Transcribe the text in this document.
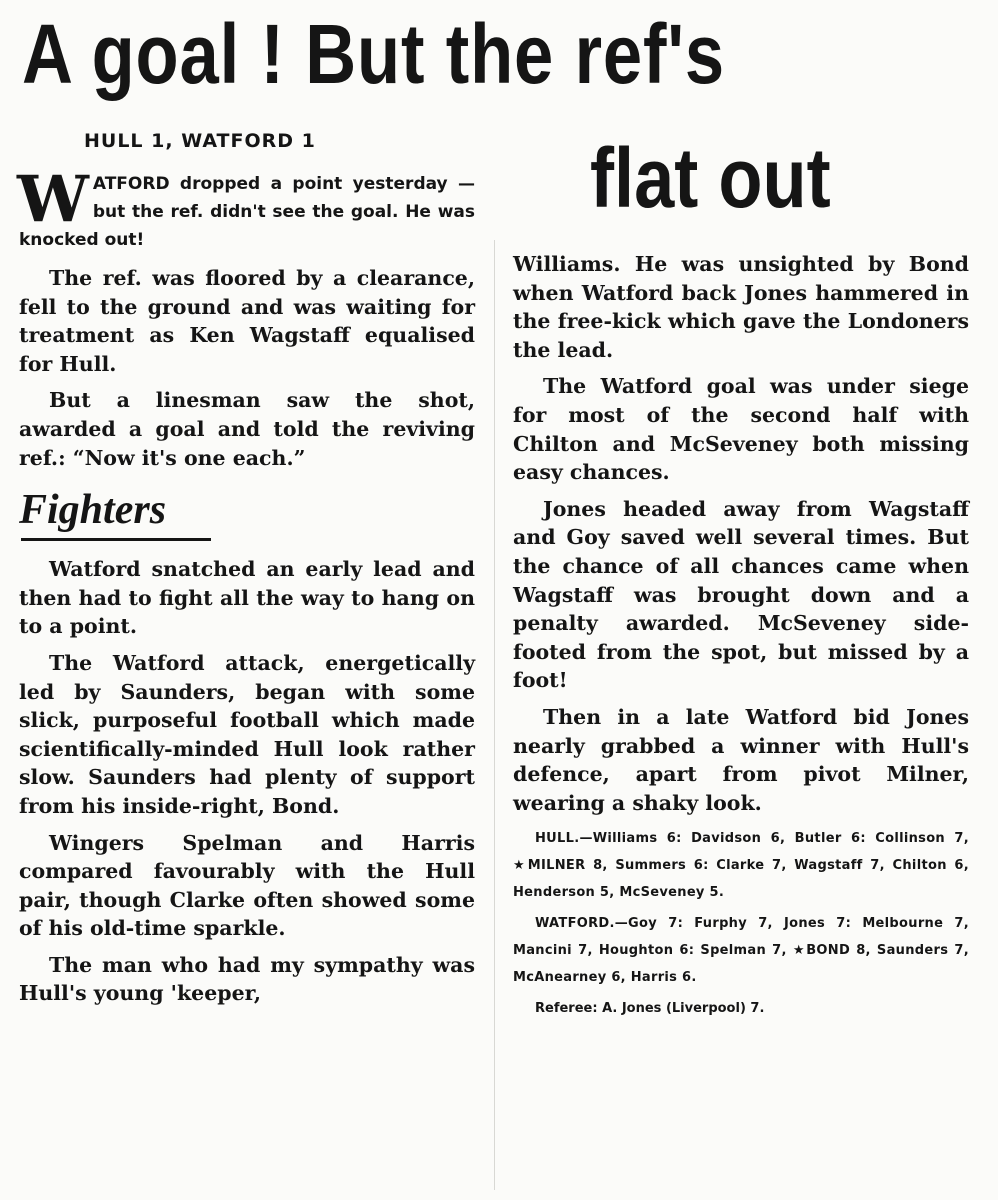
A goal ! But the ref's
flat out
HULL 1, WATFORD 1

WATFORD dropped a point yesterday — but the ref. didn't see the goal. He was knocked out!

The ref. was floored by a clearance, fell to the ground and was waiting for treatment as Ken Wagstaff equalised for Hull.

But a linesman saw the shot, awarded a goal and told the reviving ref.: “Now it's one each.”

Fighters

Watford snatched an early lead and then had to fight all the way to hang on to a point.

The Watford attack, energetically led by Saunders, began with some slick, purposeful football which made scientifically-minded Hull look rather slow. Saunders had plenty of support from his inside-right, Bond.

Wingers Spelman and Harris compared favourably with the Hull pair, though Clarke often showed some of his old-time sparkle.

The man who had my sympathy was Hull's young 'keeper,

Williams. He was unsighted by Bond when Watford back Jones hammered in the free-kick which gave the Londoners the lead.

The Watford goal was under siege for most of the second half with Chilton and McSeveney both missing easy chances.

Jones headed away from Wagstaff and Goy saved well several times. But the chance of all chances came when Wagstaff was brought down and a penalty awarded. McSeveney side-footed from the spot, but missed by a foot!

Then in a late Watford bid Jones nearly grabbed a winner with Hull's defence, apart from pivot Milner, wearing a shaky look.

HULL.—Williams 6: Davidson 6, Butler 6: Collinson 7, ★MILNER 8, Summers 6: Clarke 7, Wagstaff 7, Chilton 6, Henderson 5, McSeveney 5.

WATFORD.—Goy 7: Furphy 7, Jones 7: Melbourne 7, Mancini 7, Houghton 6: Spelman 7, ★BOND 8, Saunders 7, McAnearney 6, Harris 6.

Referee: A. Jones (Liverpool) 7.
